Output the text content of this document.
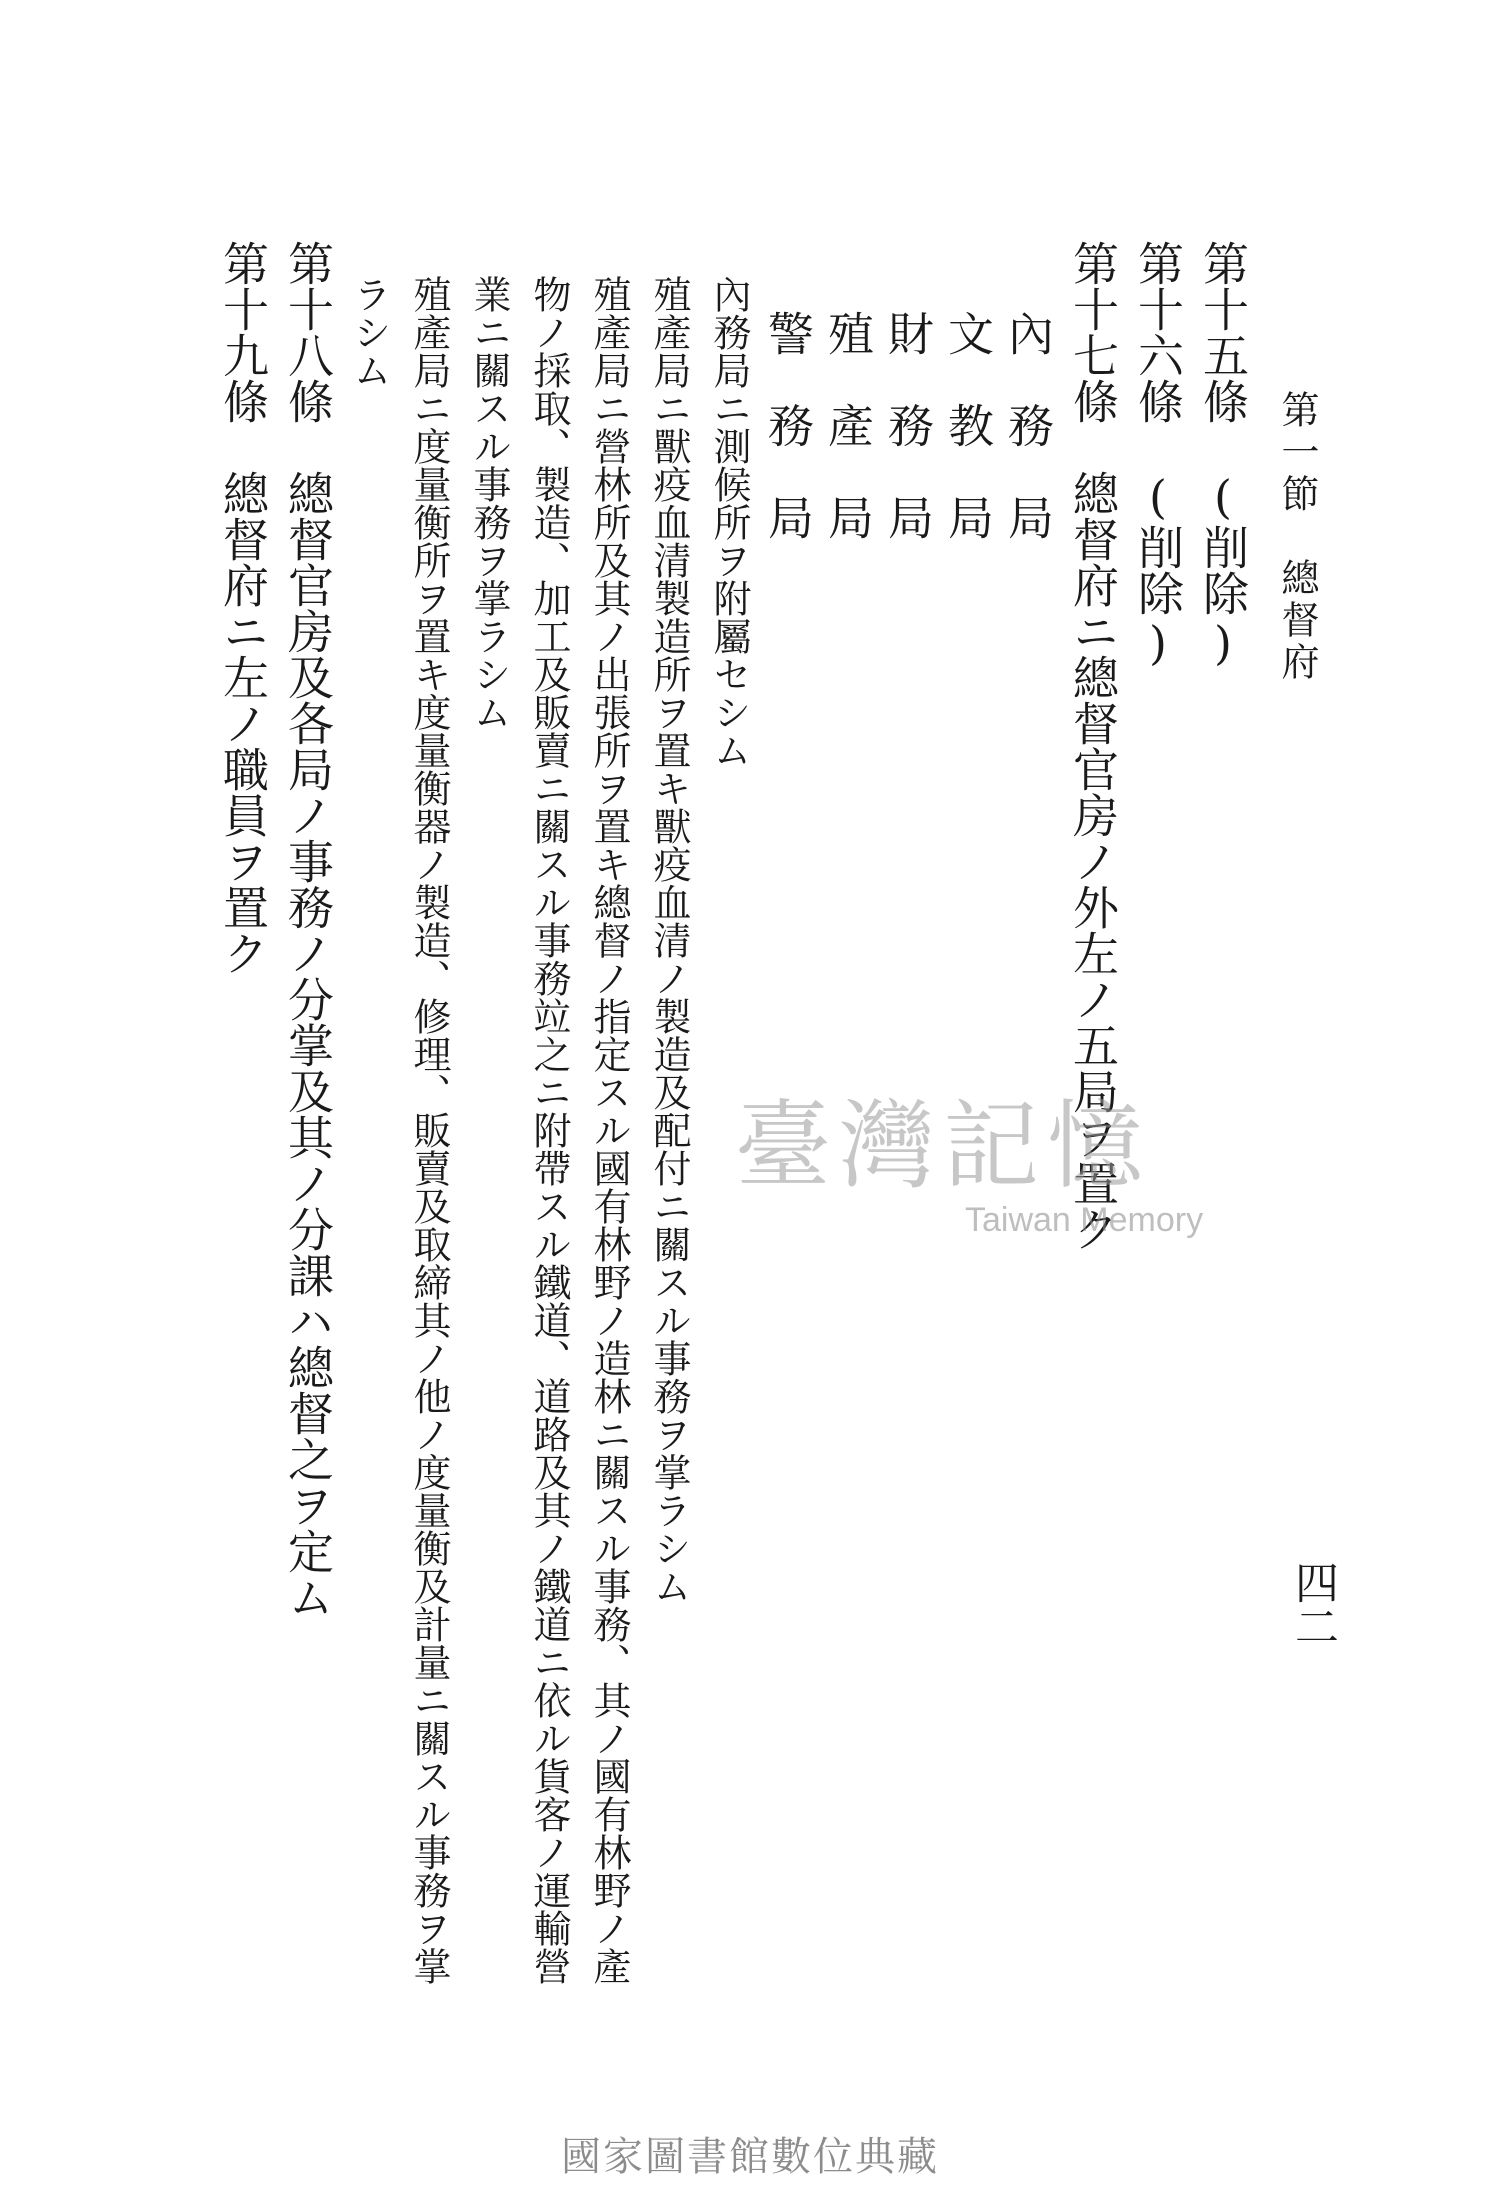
第一節　總督府
四二
第十五條　(削除)
第十六條　(削除)
第十七條　總督府ニ總督官房ノ外左ノ五局ヲ置ク
內　務　局
文　教　局
財　務　局
殖　產　局
警　務　局
內務局ニ測候所ヲ附屬セシム
殖產局ニ獸疫血清製造所ヲ置キ獸疫血清ノ製造及配付ニ關スル事務ヲ掌ラシム
殖產局ニ營林所及其ノ出張所ヲ置キ總督ノ指定スル國有林野ノ造林ニ關スル事務、其ノ國有林野ノ產
物ノ採取、製造、加工及販賣ニ關スル事務竝之ニ附帶スル鐵道、道路及其ノ鐵道ニ依ル貨客ノ運輸營
業ニ關スル事務ヲ掌ラシム
殖產局ニ度量衡所ヲ置キ度量衡器ノ製造、修理、販賣及取締其ノ他ノ度量衡及計量ニ關スル事務ヲ掌
ラシム
第十八條　總督官房及各局ノ事務ノ分掌及其ノ分課ハ總督之ヲ定ム
第十九條　總督府ニ左ノ職員ヲ置ク
臺灣記憶
Taiwan Memory
國家圖書館數位典藏
